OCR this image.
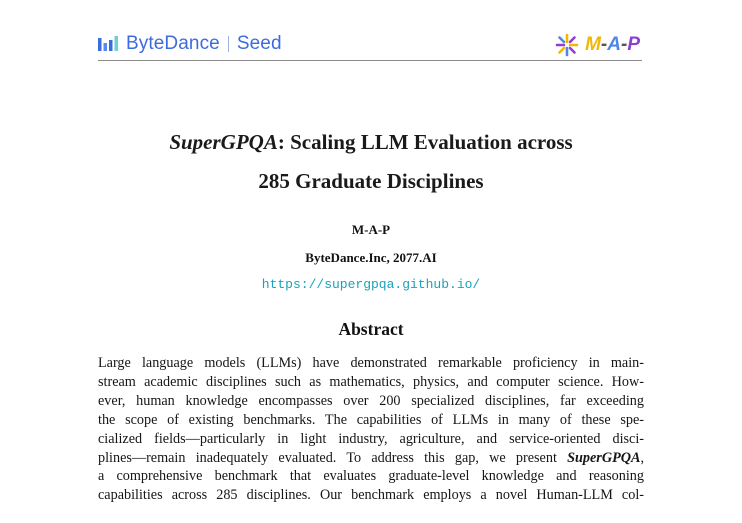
ByteDance Seed	M-A-P
SuperGPQA: Scaling LLM Evaluation across
285 Graduate Disciplines
M-A-P
ByteDance.Inc, 2077.AI
https://supergpqa.github.io/
Abstract
Large language models (LLMs) have demonstrated remarkable proficiency in main-
stream academic disciplines such as mathematics, physics, and computer science. How-
ever, human knowledge encompasses over 200 specialized disciplines, far exceeding
the scope of existing benchmarks. The capabilities of LLMs in many of these spe-
cialized fields—particularly in light industry, agriculture, and service-oriented disci-
plines—remain inadequately evaluated. To address this gap, we present SuperGPQA,
a comprehensive benchmark that evaluates graduate-level knowledge and reasoning
capabilities across 285 disciplines. Our benchmark employs a novel Human-LLM col-
